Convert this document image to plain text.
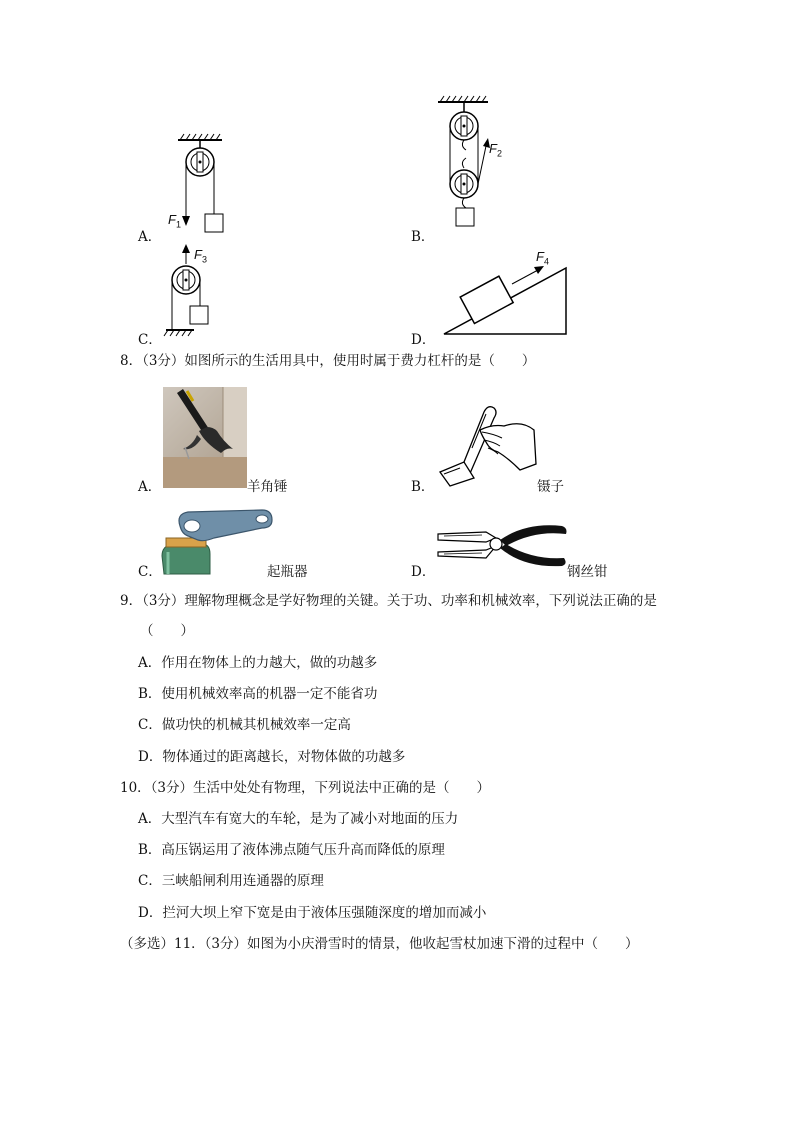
$F_1$
A．
$F_2$
B．
$F_3$
C．
$F_4$
D．
8．（3分）如图所示的生活用具中，使用时属于费力杠杆的是（　　）
A．	羊角锤	B．	镊子
C．	起瓶器	D．	钢丝钳
9．（3分）理解物理概念是学好物理的关键。关于功、功率和机械效率，下列说法正确的是
（　　）
A．作用在物体上的力越大，做的功越多
B．使用机械效率高的机器一定不能省功
C．做功快的机械其机械效率一定高
D．物体通过的距离越长，对物体做的功越多
10．（3分）生活中处处有物理，下列说法中正确的是（　　）
A．大型汽车有宽大的车轮，是为了减小对地面的压力
B．高压锅运用了液体沸点随气压升高而降低的原理
C．三峡船闸利用连通器的原理
D．拦河大坝上窄下宽是由于液体压强随深度的增加而减小
（多选）11．（3分）如图为小庆滑雪时的情景，他收起雪杖加速下滑的过程中（　　）
